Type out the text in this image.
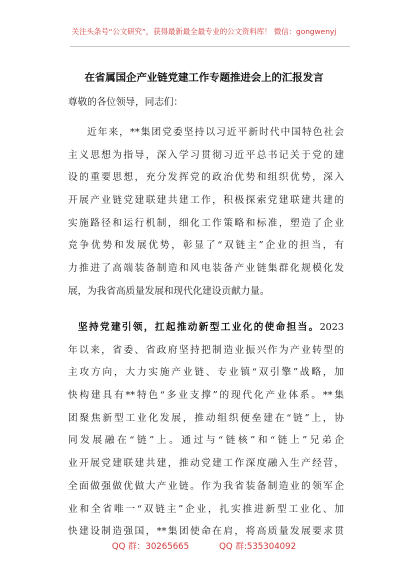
关注头条号“公文研究”，获得最新最全最专业的公文资料库！ 微信：gongwenyj
在省属国企产业链党建工作专题推进会上的汇报发言
尊敬的各位领导，同志们：
近年来，**集团党委坚持以习近平新时代中国特色社会
主义思想为指导，深入学习贯彻习近平总书记关于党的建
设的重要思想，充分发挥党的政治优势和组织优势，深入
开展产业链党建联建共建工作，积极探索党建联建共建的
实施路径和运行机制，细化工作策略和标准，塑造了企业
竞争优势和发展优势，彰显了“双链主”企业的担当，有
力推进了高端装备制造和风电装备产业链集群化规模化发
展，为我省高质量发展和现代化建设贡献力量。
坚持党建引领，扛起推动新型工业化的使命担当。2023
年以来，省委、省政府坚持把制造业振兴作为产业转型的
主攻方向，大力实施产业链、专业镇“双引擎”战略，加
快构建具有**特色“多业支撑”的现代化产业体系。**集
团聚焦新型工业化发展，推动组织便垒建在“链”上，协
同发展融在“链”上。通过与“链核”和“链上”兄弟企
业开展党建联建共建，推动党建工作深度融入生产经营，
全面做强做优做大产业链。作为我省装备制造业的领军企
业和全省唯一“双链主”企业，扎实推进新型工业化、加
快建设制造强国，**集团使命在肩，将高质量发展要求贯
QQ 群：30265665	QQ 群:535304092
